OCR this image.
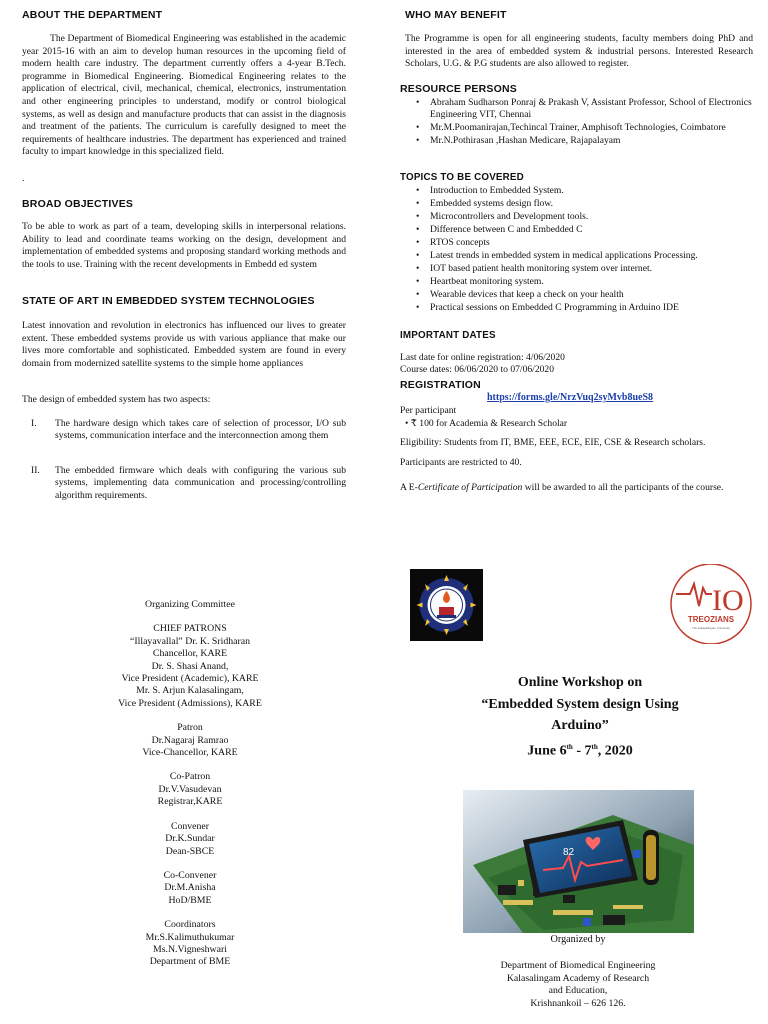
ABOUT THE DEPARTMENT
The Department of Biomedical Engineering was established in the academic year 2015-16 with an aim to develop human resources in the upcoming field of modern health care industry. The department currently offers a 4-year B.Tech. programme in Biomedical Engineering. Biomedical Engineering relates to the application of electrical, civil, mechanical, chemical, electronics, instrumentation and other engineering principles to understand, modify or control biological systems, as well as design and manufacture products that can assist in the diagnosis and treatment of the patients. The curriculum is carefully designed to meet the requirements of healthcare industries. The department has experienced and trained faculty to impart knowledge in this specialized field.
.
BROAD OBJECTIVES
To be able to work as part of a team, developing skills in interpersonal relations. Ability to lead and coordinate teams working on the design, development and implementation of embedded systems and proposing standard working methods and the tools to use. Training with the recent developments in Embedd ed system
STATE OF ART IN EMBEDDED SYSTEM TECHNOLOGIES
Latest innovation and revolution in electronics has influenced our lives to greater extent. These embedded systems provide us with various appliance that make our lives more comfortable and sophisticated. Embedded system are found in every domain from modernized satellite systems to the simple home appliances
The design of embedded system has two aspects:
I.	The hardware design which takes care of selection of processor, I/O sub systems, communication interface and the interconnection among them
II.	The embedded firmware which deals with configuring the various sub systems, implementing data communication and processing/controlling algorithm requirements.
WHO MAY BENEFIT
The Programme is open for all engineering students, faculty members doing PhD and interested in the area of embedded system & industrial persons. Interested Research Scholars, U.G. & P.G students are also allowed to register.
RESOURCE PERSONS
• Abraham Sudharson Ponraj & Prakash V, Assistant Professor, School of Electronics Engineering VIT, Chennai
• Mr.M.Poomanirajan,Techincal Trainer, Amphisoft Technologies, Coimbatore
• Mr.N.Pothirasan ,Hashan Medicare, Rajapalayam
TOPICS TO BE COVERED
• Introduction to Embedded System.
• Embedded systems design flow.
• Microcontrollers and Development tools.
• Difference between C and Embedded C
• RTOS concepts
• Latest trends in embedded system in medical applications Processing.
• IOT based patient health monitoring system over internet.
• Heartbeat monitoring system.
• Wearable devices that keep a check on your health
• Practical sessions on Embedded C Programming in Arduino IDE
IMPORTANT DATES
Last date for online registration: 4/06/2020
Course dates: 06/06/2020 to 07/06/2020
REGISTRATION
https://forms.gle/NrzVuq2syMvb8ueS8
Per participant
• ₹ 100 for Academia & Research Scholar
Eligibility: Students from IT, BME, EEE, ECE, EIE, CSE & Research scholars.
Participants are restricted to 40.
A E-Certificate of Participation will be awarded to all the participants of the course.
Organizing Committee
CHIEF PATRONS
“Illayavallal” Dr. K. Sridharan
Chancellor, KARE
Dr. S. Shasi Anand,
Vice President (Academic), KARE
Mr. S. Arjun Kalasalingam,
Vice President (Admissions), KARE
Patron
Dr.Nagaraj Ramrao
Vice-Chancellor, KARE
Co-Patron
Dr.V.Vasudevan
Registrar,KARE
Convener
Dr.K.Sundar
Dean-SBCE
Co-Convener
Dr.M.Anisha
HoD/BME
Coordinators
Mr.S.Kalimuthukumar
Ms.N.Vigneshwari
Department of BME
IO
TREOZIANS
The Kalasalingam University
Online Workshop on
“Embedded System design Using
Arduino”
June 6th - 7th, 2020
82
Organized by
Department of Biomedical Engineering
Kalasalingam Academy of Research and Education,
Krishnankoil – 626 126.
